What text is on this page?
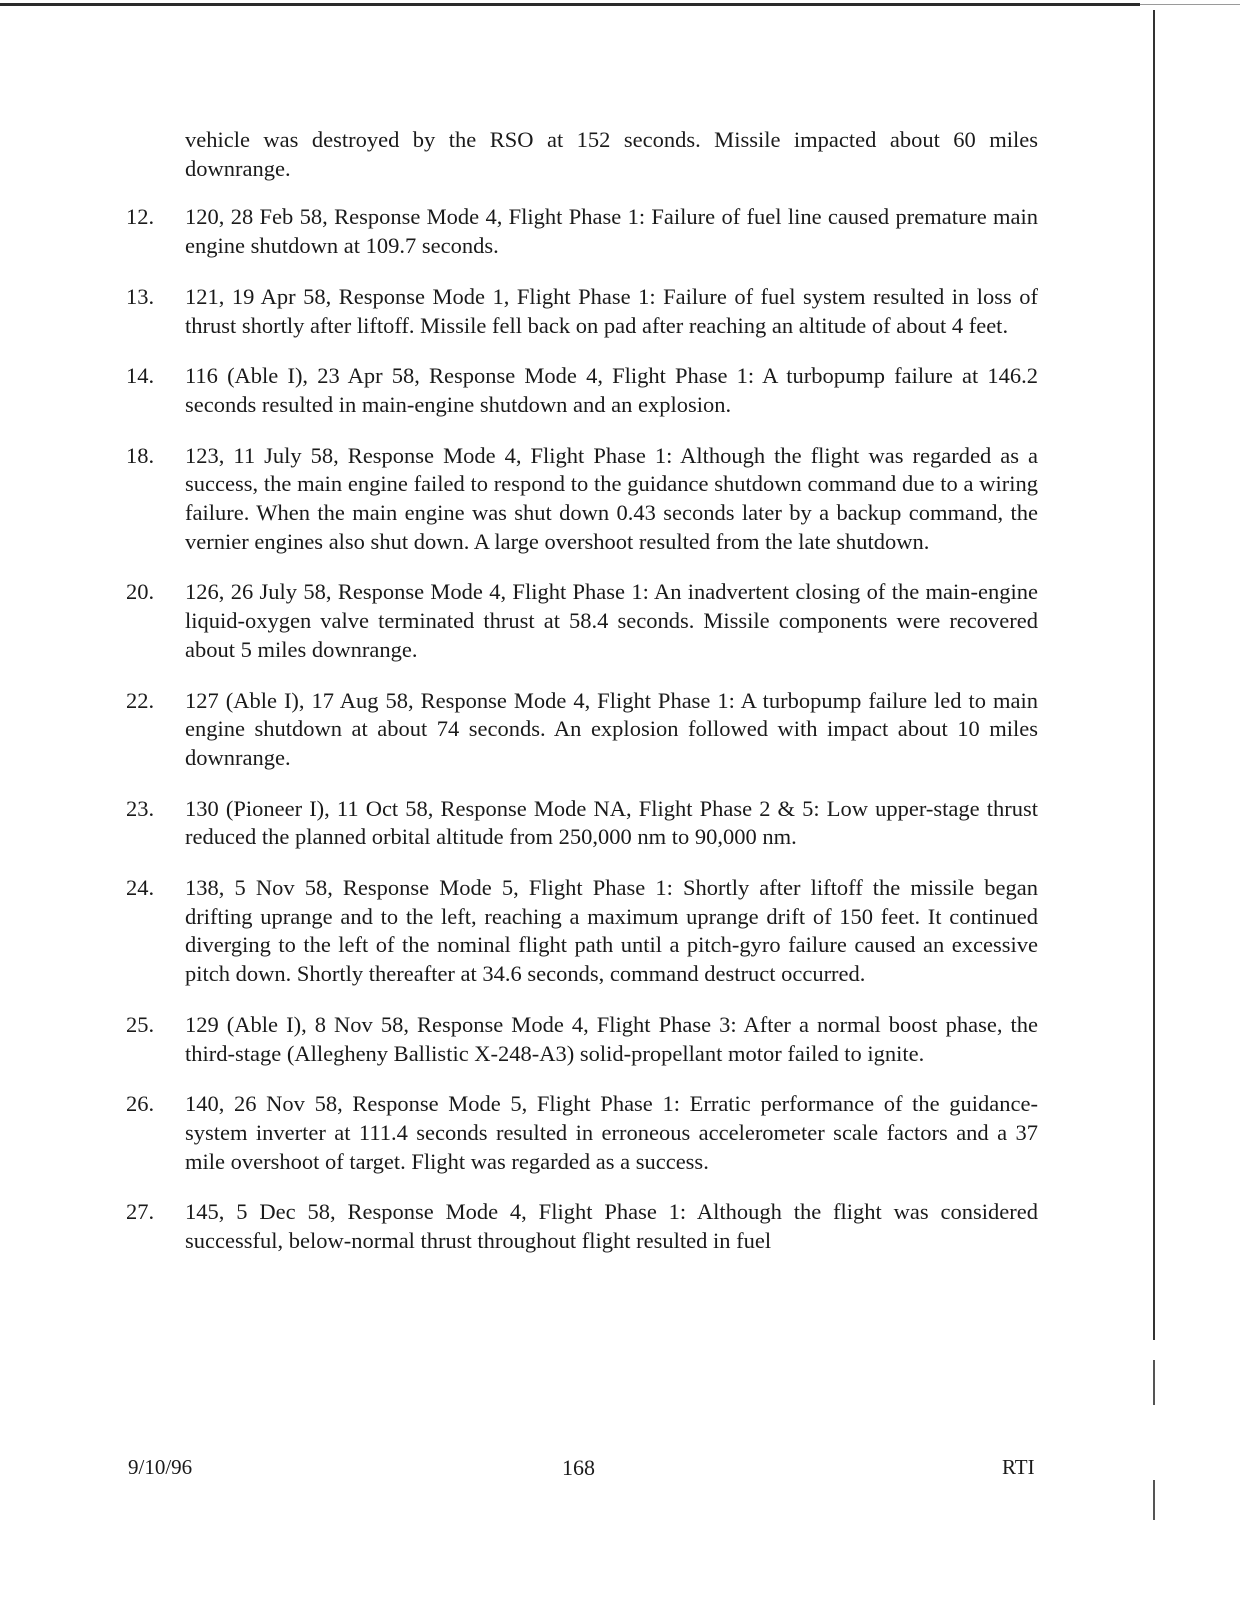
vehicle was destroyed by the RSO at 152 seconds. Missile impacted about 60 miles downrange.
12. 120, 28 Feb 58, Response Mode 4, Flight Phase 1: Failure of fuel line caused premature main engine shutdown at 109.7 seconds.
13. 121, 19 Apr 58, Response Mode 1, Flight Phase 1: Failure of fuel system resulted in loss of thrust shortly after liftoff. Missile fell back on pad after reaching an altitude of about 4 feet.
14. 116 (Able I), 23 Apr 58, Response Mode 4, Flight Phase 1: A turbopump failure at 146.2 seconds resulted in main-engine shutdown and an explosion.
18. 123, 11 July 58, Response Mode 4, Flight Phase 1: Although the flight was regarded as a success, the main engine failed to respond to the guidance shutdown command due to a wiring failure. When the main engine was shut down 0.43 seconds later by a backup command, the vernier engines also shut down. A large overshoot resulted from the late shutdown.
20. 126, 26 July 58, Response Mode 4, Flight Phase 1: An inadvertent closing of the main-engine liquid-oxygen valve terminated thrust at 58.4 seconds. Missile components were recovered about 5 miles downrange.
22. 127 (Able I), 17 Aug 58, Response Mode 4, Flight Phase 1: A turbopump failure led to main engine shutdown at about 74 seconds. An explosion followed with impact about 10 miles downrange.
23. 130 (Pioneer I), 11 Oct 58, Response Mode NA, Flight Phase 2 & 5: Low upper-stage thrust reduced the planned orbital altitude from 250,000 nm to 90,000 nm.
24. 138, 5 Nov 58, Response Mode 5, Flight Phase 1: Shortly after liftoff the missile began drifting uprange and to the left, reaching a maximum uprange drift of 150 feet. It continued diverging to the left of the nominal flight path until a pitch-gyro failure caused an excessive pitch down. Shortly thereafter at 34.6 seconds, command destruct occurred.
25. 129 (Able I), 8 Nov 58, Response Mode 4, Flight Phase 3: After a normal boost phase, the third-stage (Allegheny Ballistic X-248-A3) solid-propellant motor failed to ignite.
26. 140, 26 Nov 58, Response Mode 5, Flight Phase 1: Erratic performance of the guidance-system inverter at 111.4 seconds resulted in erroneous accelerometer scale factors and a 37 mile overshoot of target. Flight was regarded as a success.
27. 145, 5 Dec 58, Response Mode 4, Flight Phase 1: Although the flight was considered successful, below-normal thrust throughout flight resulted in fuel
9/10/96	168	RTI
